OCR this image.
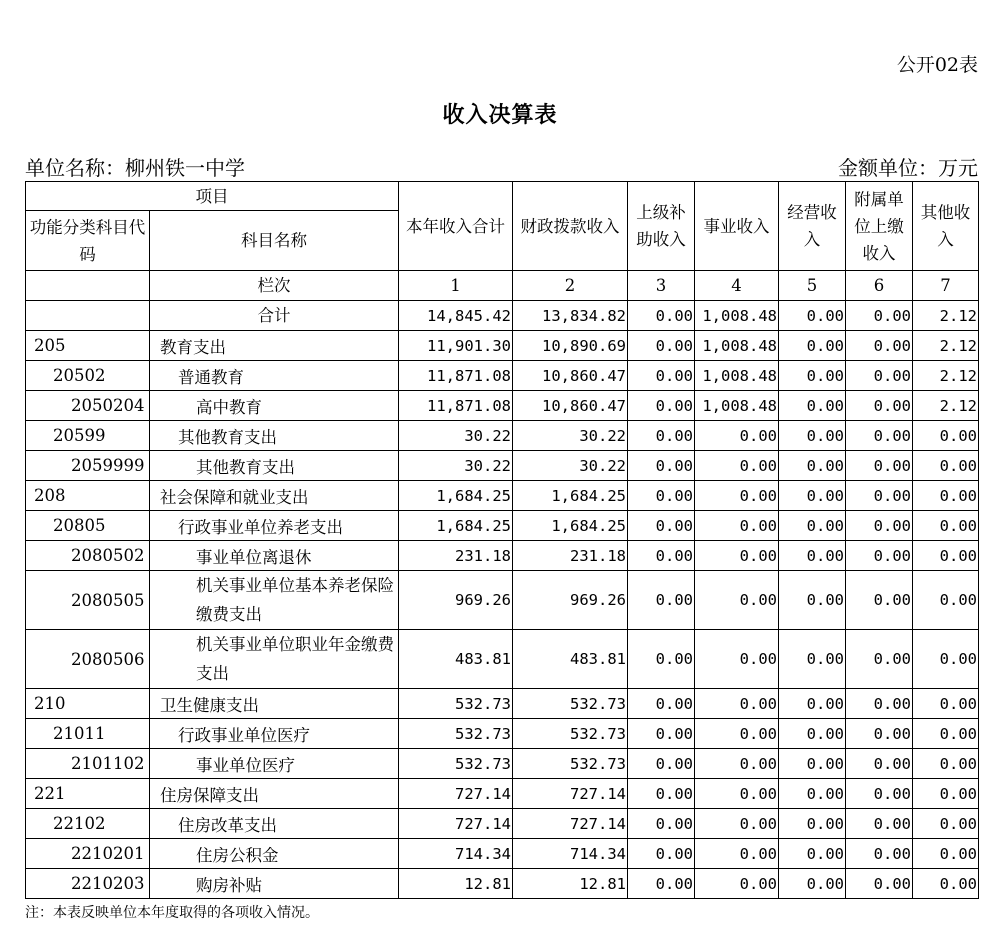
公开02表
收入决算表
单位名称：柳州铁一中学	金额单位：万元
项目		本年收入合计	财政拨款收入	上级补助收入	事业收入	经营收入	附属单位上缴收入	其他收入
功能分类科目代码	科目名称							
	栏次	1	2	3	4	5	6	7
	合计	14,845.42	13,834.82	0.00	1,008.48	0.00	0.00	2.12
205	教育支出	11,901.30	10,890.69	0.00	1,008.48	0.00	0.00	2.12
20502	普通教育	11,871.08	10,860.47	0.00	1,008.48	0.00	0.00	2.12
2050204	高中教育	11,871.08	10,860.47	0.00	1,008.48	0.00	0.00	2.12
20599	其他教育支出	30.22	30.22	0.00	0.00	0.00	0.00	0.00
2059999	其他教育支出	30.22	30.22	0.00	0.00	0.00	0.00	0.00
208	社会保障和就业支出	1,684.25	1,684.25	0.00	0.00	0.00	0.00	0.00
20805	行政事业单位养老支出	1,684.25	1,684.25	0.00	0.00	0.00	0.00	0.00
2080502	事业单位离退休	231.18	231.18	0.00	0.00	0.00	0.00	0.00
2080505	机关事业单位基本养老保险缴费支出	969.26	969.26	0.00	0.00	0.00	0.00	0.00
2080506	机关事业单位职业年金缴费支出	483.81	483.81	0.00	0.00	0.00	0.00	0.00
210	卫生健康支出	532.73	532.73	0.00	0.00	0.00	0.00	0.00
21011	行政事业单位医疗	532.73	532.73	0.00	0.00	0.00	0.00	0.00
2101102	事业单位医疗	532.73	532.73	0.00	0.00	0.00	0.00	0.00
221	住房保障支出	727.14	727.14	0.00	0.00	0.00	0.00	0.00
22102	住房改革支出	727.14	727.14	0.00	0.00	0.00	0.00	0.00
2210201	住房公积金	714.34	714.34	0.00	0.00	0.00	0.00	0.00
2210203	购房补贴	12.81	12.81	0.00	0.00	0.00	0.00	0.00
注：本表反映单位本年度取得的各项收入情况。
